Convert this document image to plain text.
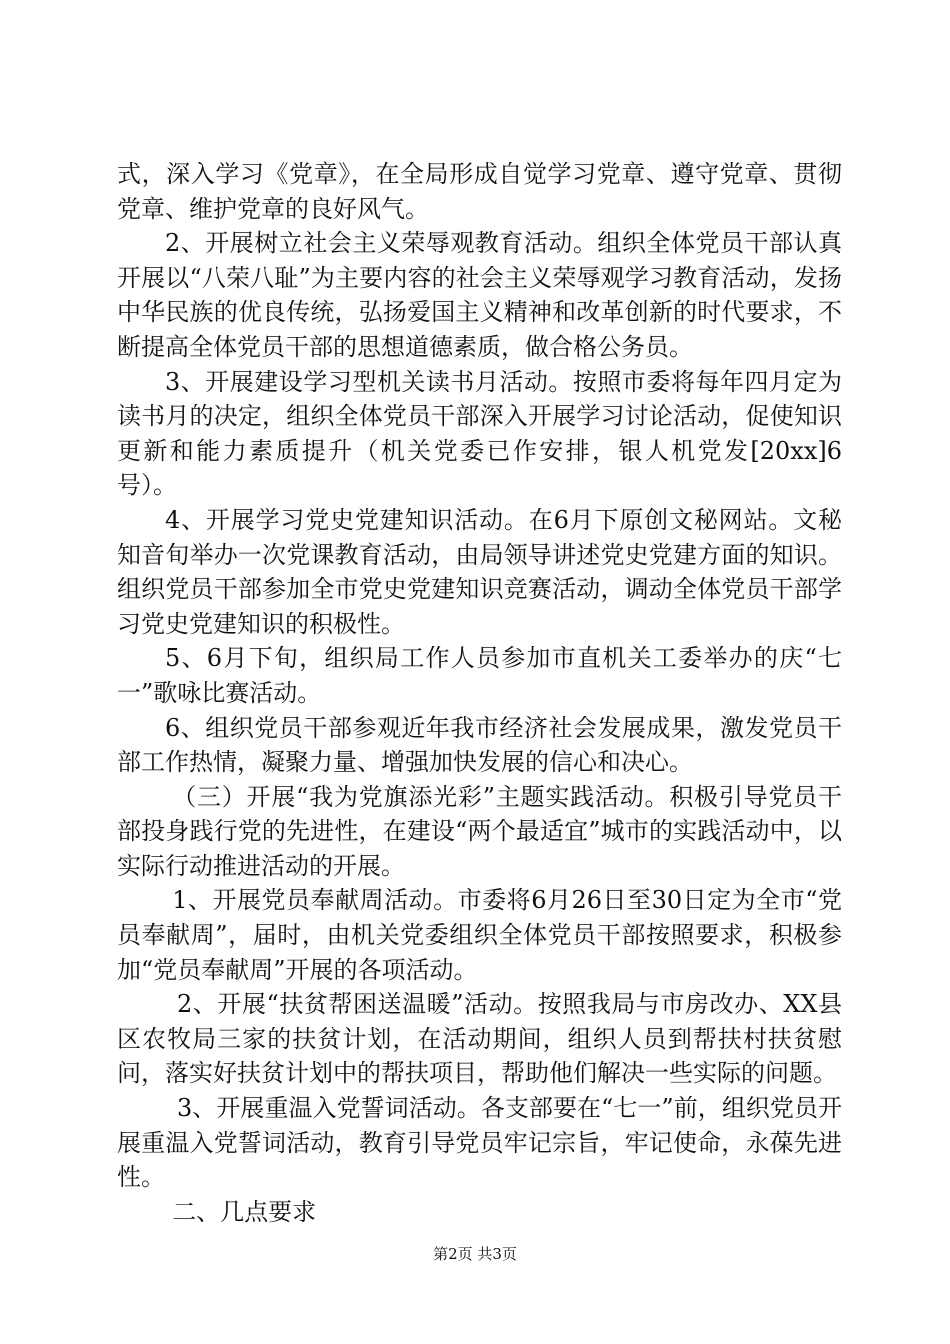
式，深入学习《党章》，在全局形成自觉学习党章、遵守党章、贯彻党章、维护党章的良好风气。

2、开展树立社会主义荣辱观教育活动。组织全体党员干部认真开展以“八荣八耻”为主要内容的社会主义荣辱观学习教育活动，发扬中华民族的优良传统，弘扬爱国主义精神和改革创新的时代要求，不断提高全体党员干部的思想道德素质，做合格公务员。

3、开展建设学习型机关读书月活动。按照市委将每年四月定为读书月的决定，组织全体党员干部深入开展学习讨论活动，促使知识更新和能力素质提升（机关党委已作安排，银人机党发[20xx]6号）。

4、开展学习党史党建知识活动。在6月下原创文秘网站。文秘知音旬举办一次党课教育活动，由局领导讲述党史党建方面的知识。组织党员干部参加全市党史党建知识竞赛活动，调动全体党员干部学习党史党建知识的积极性。

5、6月下旬，组织局工作人员参加市直机关工委举办的庆“七一”歌咏比赛活动。

6、组织党员干部参观近年我市经济社会发展成果，激发党员干部工作热情，凝聚力量、增强加快发展的信心和决心。

（三）开展“我为党旗添光彩”主题实践活动。积极引导党员干部投身践行党的先进性，在建设“两个最适宜”城市的实践活动中，以实际行动推进活动的开展。

1、开展党员奉献周活动。市委将6月26日至30日定为全市“党员奉献周”，届时，由机关党委组织全体党员干部按照要求，积极参加“党员奉献周”开展的各项活动。

2、开展“扶贫帮困送温暖”活动。按照我局与市房改办、XX县区农牧局三家的扶贫计划，在活动期间，组织人员到帮扶村扶贫慰问，落实好扶贫计划中的帮扶项目，帮助他们解决一些实际的问题。

3、开展重温入党誓词活动。各支部要在“七一”前，组织党员开展重温入党誓词活动，教育引导党员牢记宗旨，牢记使命，永葆先进性。

二、几点要求

第2页 共3页
